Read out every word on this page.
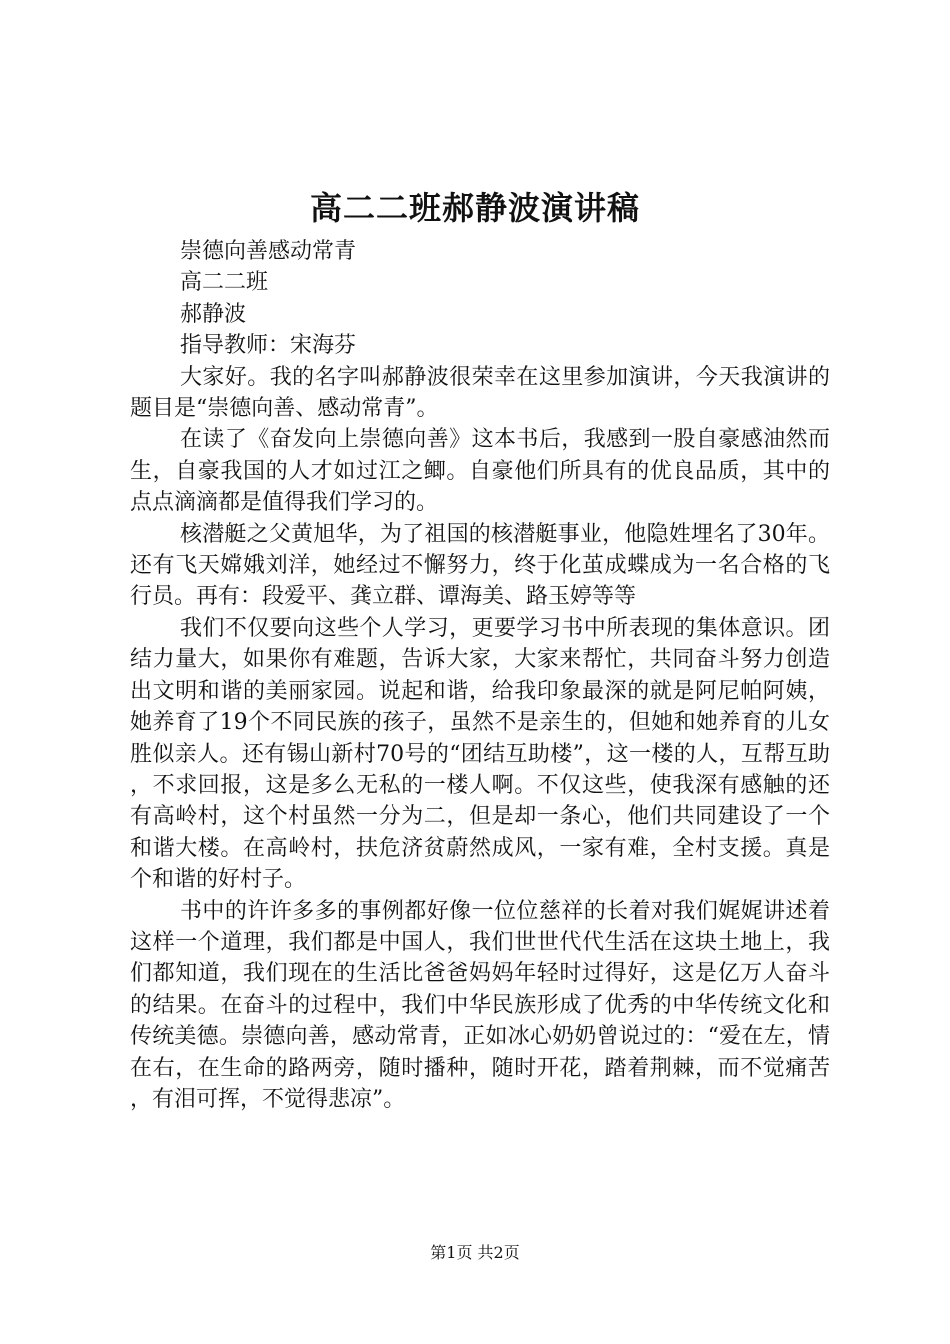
高二二班郝静波演讲稿

崇德向善感动常青

高二二班

郝静波

指导教师：宋海芬

大家好。我的名字叫郝静波很荣幸在这里参加演讲，今天我演讲的题目是“崇德向善、感动常青”。

在读了《奋发向上崇德向善》这本书后，我感到一股自豪感油然而生，自豪我国的人才如过江之鲫。自豪他们所具有的优良品质，其中的点点滴滴都是值得我们学习的。

核潜艇之父黄旭华，为了祖国的核潜艇事业，他隐姓埋名了30年。还有飞天嫦娥刘洋，她经过不懈努力，终于化茧成蝶成为一名合格的飞行员。再有：段爱平、龚立群、谭海美、路玉婷等等

我们不仅要向这些个人学习，更要学习书中所表现的集体意识。团结力量大，如果你有难题，告诉大家，大家来帮忙，共同奋斗努力创造出文明和谐的美丽家园。说起和谐，给我印象最深的就是阿尼帕阿姨，她养育了19个不同民族的孩子，虽然不是亲生的，但她和她养育的儿女胜似亲人。还有锡山新村70号的“团结互助楼”，这一楼的人，互帮互助，不求回报，这是多么无私的一楼人啊。不仅这些，使我深有感触的还有高岭村，这个村虽然一分为二，但是却一条心，他们共同建设了一个和谐大楼。在高岭村，扶危济贫蔚然成风，一家有难，全村支援。真是个和谐的好村子。

书中的许许多多的事例都好像一位位慈祥的长着对我们娓娓讲述着这样一个道理，我们都是中国人，我们世世代代生活在这块土地上，我们都知道，我们现在的生活比爸爸妈妈年轻时过得好，这是亿万人奋斗的结果。在奋斗的过程中，我们中华民族形成了优秀的中华传统文化和传统美德。崇德向善，感动常青，正如冰心奶奶曾说过的：“爱在左，情在右，在生命的路两旁，随时播种，随时开花，踏着荆棘，而不觉痛苦，有泪可挥，不觉得悲凉”。

第1页 共2页
